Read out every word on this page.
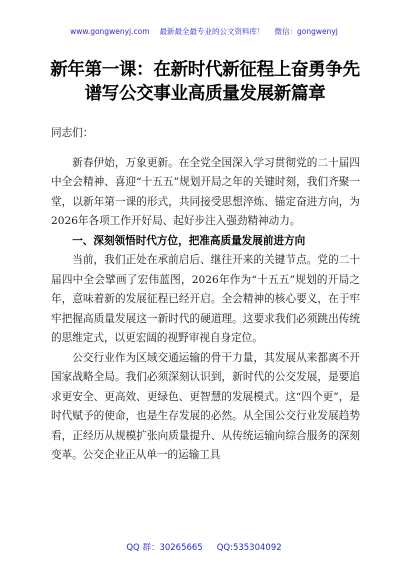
www.gongwenyj.com 最新最全最专业的公文资料库！ 微信：gongwenyj
新年第一课：在新时代新征程上奋勇争先
谱写公交事业高质量发展新篇章
同志们：

新春伊始，万象更新。在全党全国深入学习贯彻党的二十届四中全会精神、喜迎“十五五”规划开局之年的关键时刻，我们齐聚一堂，以新年第一课的形式，共同接受思想淬炼、锚定奋进方向，为2026年各项工作开好局、起好步注入强劲精神动力。

一、深刻领悟时代方位，把准高质量发展前进方向

当前，我们正处在承前启后、继往开来的关键节点。党的二十届四中全会擘画了宏伟蓝图，2026年作为“十五五”规划的开局之年，意味着新的发展征程已经开启。全会精神的核心要义，在于牢牢把握高质量发展这一新时代的硬道理。这要求我们必须跳出传统的思维定式，以更宏阔的视野审视自身定位。

公交行业作为区域交通运输的骨干力量，其发展从来都离不开国家战略全局。我们必须深刻认识到，新时代的公交发展，是要追求更安全、更高效、更绿色、更智慧的发展模式。这“四个更”，是时代赋予的使命，也是生存发展的必然。从全国公交行业发展趋势看，正经历从规模扩张向质量提升、从传统运输向综合服务的深刻变革。公交企业正从单一的运输工具

QQ 群：30265665 QQ:535304092
